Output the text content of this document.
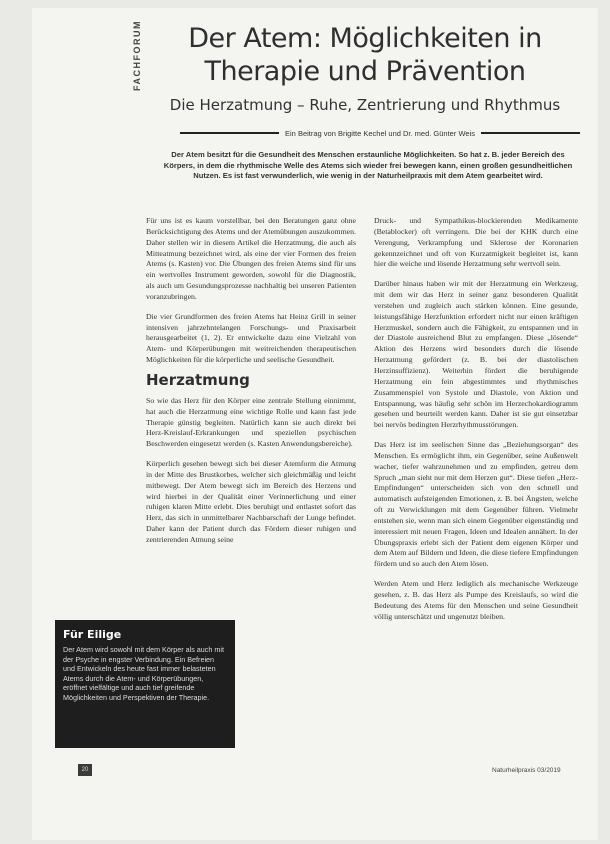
FACHFORUM	Der Atem: Möglichkeiten in
Therapie und Prävention
Die Herzatmung – Ruhe, Zentrierung und Rhythmus
Ein Beitrag von Brigitte Kechel und Dr. med. Günter Weis
Der Atem besitzt für die Gesundheit des Menschen erstaunliche Möglichkeiten. So hat z. B. jeder Bereich des Körpers, in dem die rhythmische Welle des Atems sich wieder frei bewegen kann, einen großen gesundheitlichen Nutzen. Es ist fast verwunderlich, wie wenig in der Naturheilpraxis mit dem Atem gearbeitet wird.

Für uns ist es kaum vorstellbar, bei den Beratungen ganz ohne Berücksichtigung des Atems und der Atemübungen auszukommen. Daher stellen wir in diesem Artikel die Herzatmung, die auch als Mitteatmung bezeichnet wird, als eine der vier Formen des freien Atems (s. Kasten) vor. Die Übungen des freien Atems sind für uns ein wertvolles Instrument geworden, sowohl für die Diagnostik, als auch um Gesundungsprozesse nachhaltig bei unseren Patienten voranzubringen.

Die vier Grundformen des freien Atems hat Heinz Grill in seiner intensiven jahrzehntelangen Forschungs- und Praxisarbeit herausgearbeitet (1, 2). Er entwickelte dazu eine Vielzahl von Atem- und Körperübungen mit weitreichenden therapeutischen Möglichkeiten für die körperliche und seelische Gesundheit.

Herzatmung

So wie das Herz für den Körper eine zentrale Stellung einnimmt, hat auch die Herzatmung eine wichtige Rolle und kann fast jede Therapie günstig begleiten. Natürlich kann sie auch direkt bei Herz-Kreislauf-Erkrankungen und speziellen psychischen Beschwerden eingesetzt werden (s. Kasten Anwendungsbereiche).

Körperlich gesehen bewegt sich bei dieser Atemform die Atmung in der Mitte des Brustkorbes, welcher sich gleichmäßig und leicht mitbewegt. Der Atem bewegt sich im Bereich des Herzens und wird hierbei in der Qualität einer Verinnerlichung und einer ruhigen klaren Mitte erlebt. Dies beruhigt und entlastet sofort das Herz, das sich in unmittelbarer Nachbarschaft der Lunge befindet. Daher kann der Patient durch das Fördern dieser ruhigen und zentrierenden Atmung seine

Druck- und Sympathikus-blockierenden Medikamente (Betablocker) oft verringern. Die bei der KHK durch eine Verengung, Verkrampfung und Sklerose der Koronarien gekennzeichnet und oft von Kurzatmigkeit begleitet ist, kann hier die weiche und lösende Herzatmung sehr wertvoll sein.

Darüber hinaus haben wir mit der Herzatmung ein Werkzeug, mit dem wir das Herz in seiner ganz besonderen Qualität verstehen und zugleich auch stärken können. Eine gesunde, leistungsfähige Herzfunktion erfordert nicht nur einen kräftigen Herzmuskel, sondern auch die Fähigkeit, zu entspannen und in der Diastole ausreichend Blut zu empfangen. Diese „lösende“ Aktion des Herzens wird besonders durch die lösende Herzatmung gefördert (z. B. bei der diastolischen Herzinsuffizienz). Weiterhin fördert die beruhigende Herzatmung ein fein abgestimmtes und rhythmisches Zusammenspiel von Systole und Diastole, von Aktion und Entspannung, was häufig sehr schön im Herzechokardiogramm gesehen und beurteilt werden kann. Daher ist sie gut einsetzbar bei nervös bedingten Herzrhythmusstörungen.

Das Herz ist im seelischen Sinne das „Beziehungsorgan“ des Menschen. Es ermöglicht ihm, ein Gegenüber, seine Außenwelt wacher, tiefer wahrzunehmen und zu empfinden, getreu dem Spruch „man sieht nur mit dem Herzen gut“. Diese tiefen „Herz-Empfindungen“ unterscheiden sich von den schnell und automatisch aufsteigenden Emotionen, z. B. bei Ängsten, welche oft zu Verwicklungen mit dem Gegenüber führen. Vielmehr entstehen sie, wenn man sich einem Gegenüber eigenständig und interessiert mit neuen Fragen, Ideen und Idealen annähert. In der Übungspraxis erlebt sich der Patient dem eigenen Körper und dem Atem auf Bildern und Ideen, die diese tiefere Empfindungen fördern und so auch den Atem lösen.

Werden Atem und Herz lediglich als mechanische Werkzeuge gesehen, z. B. das Herz als Pumpe des Kreislaufs, so wird die Bedeutung des Atems für den Menschen und seine Gesundheit völlig unterschätzt und ungenutzt bleiben.

Für Eilige

Der Atem wird sowohl mit dem Körper als auch mit der Psyche in engster Verbindung. Ein Befreien und Entwickeln des heute fast immer belasteten Atems durch die Atem- und Körperübungen, eröffnet vielfältige und auch tief greifende Möglichkeiten und Perspektiven der Therapie.

20	Naturheilpraxis 03/2019
